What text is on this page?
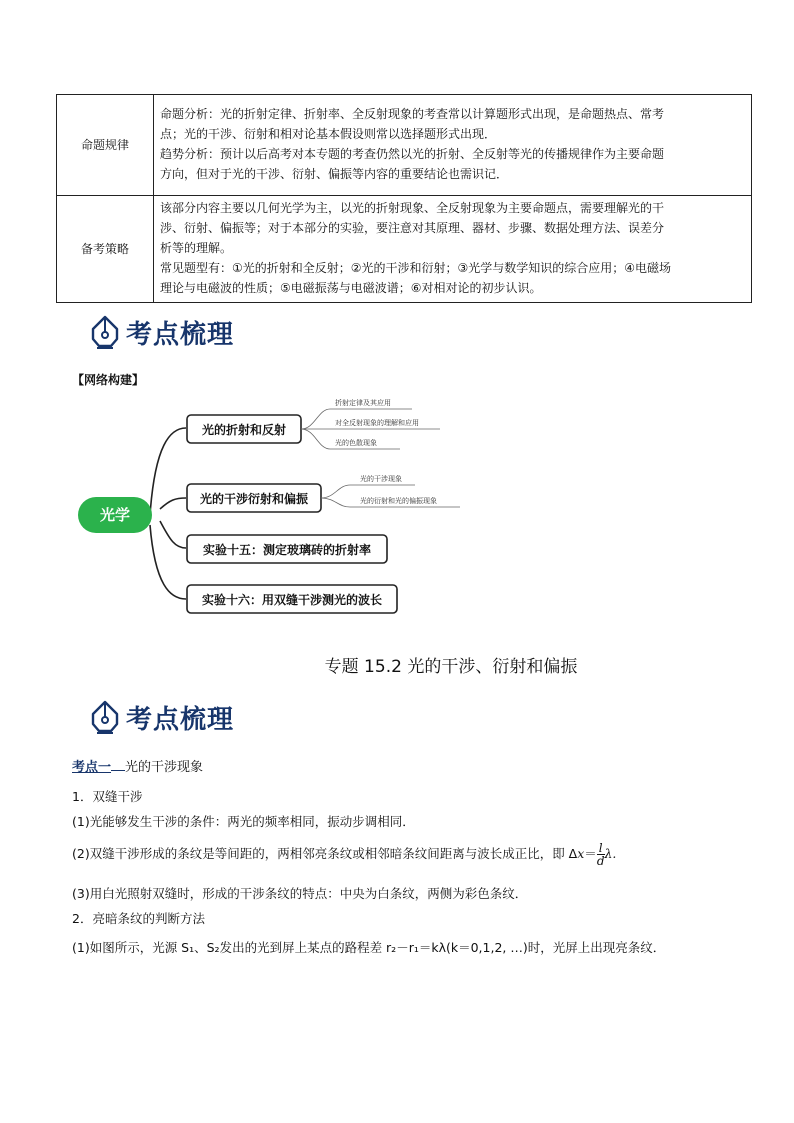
命题规律	命题分析：光的折射定律、折射率、全反射现象的考查常以计算题形式出现，是命题热点、常考

点；光的干涉、衍射和相对论基本假设则常以选择题形式出现．

趋势分析：预计以后高考对本专题的考查仍然以光的折射、全反射等光的传播规律作为主要命题

方向，但对于光的干涉、衍射、偏振等内容的重要结论也需识记．

备考策略	该部分内容主要以几何光学为主，以光的折射现象、全反射现象为主要命题点，需要理解光的干

涉、衍射、偏振等；对于本部分的实验，要注意对其原理、器材、步骤、数据处理方法、误差分

析等的理解。

常见题型有：①光的折射和全反射；②光的干涉和衍射；③光学与数学知识的综合应用；④电磁场

理论与电磁波的性质；⑤电磁振荡与电磁波谱；⑥对相对论的初步认识。

考点梳理
【网络构建】
光学
光的折射和反射
折射定律及其应用
对全反射现象的理解和应用
光的色散现象
光的干涉衍射和偏振
光的干涉现象
光的衍射和光的偏振现象
实验十五：测定玻璃砖的折射率
实验十六：用双缝干涉测光的波长
专题 15.2 光的干涉、衍射和偏振
考点梳理
考点一 光的干涉现象
1．双缝干涉
(1)光能够发生干涉的条件：两光的频率相同，振动步调相同．
(2)双缝干涉形成的条纹是等间距的，两相邻亮条纹或相邻暗条纹间距离与波长成正比，即 $\Delta x= \frac{l}{d} \lambda$.
(3)用白光照射双缝时，形成的干涉条纹的特点：中央为白条纹，两侧为彩色条纹．
2．亮暗条纹的判断方法
(1)如图所示，光源 S₁、S₂发出的光到屏上某点的路程差 r₂－r₁＝kλ(k＝0,1,2, …)时，光屏上出现亮条纹．
